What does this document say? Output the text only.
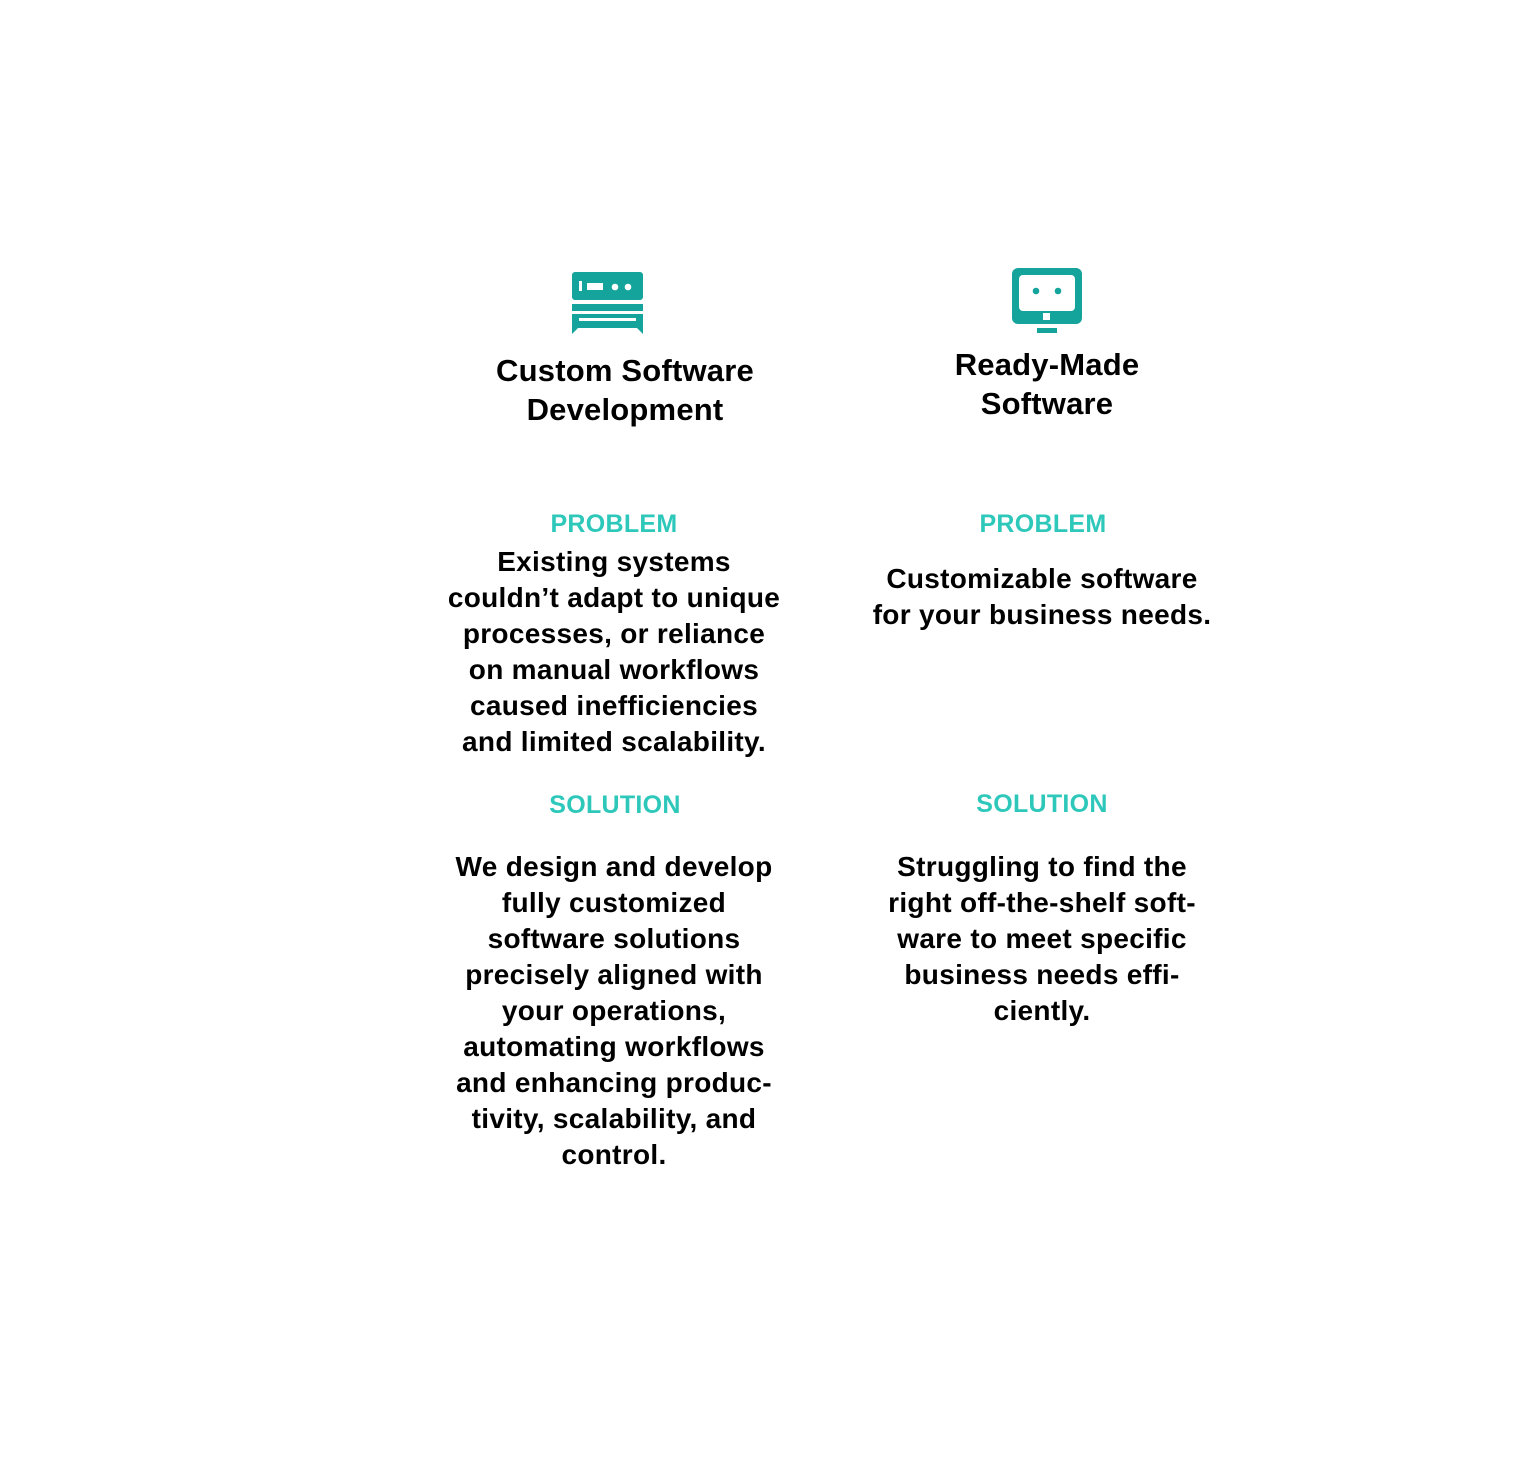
Custom Software
Development
PROBLEM
Existing systems
couldn’t adapt to unique
processes, or reliance
on manual workflows
caused inefficiencies
and limited scalability.
SOLUTION
We design and develop
fully customized
software solutions
precisely aligned with
your operations,
automating workflows
and enhancing produc-
tivity, scalability, and
control.
Ready-Made
Software
PROBLEM
Customizable software
for your business needs.
SOLUTION
Struggling to find the
right off-the-shelf soft-
ware to meet specific
business needs effi-
ciently.
